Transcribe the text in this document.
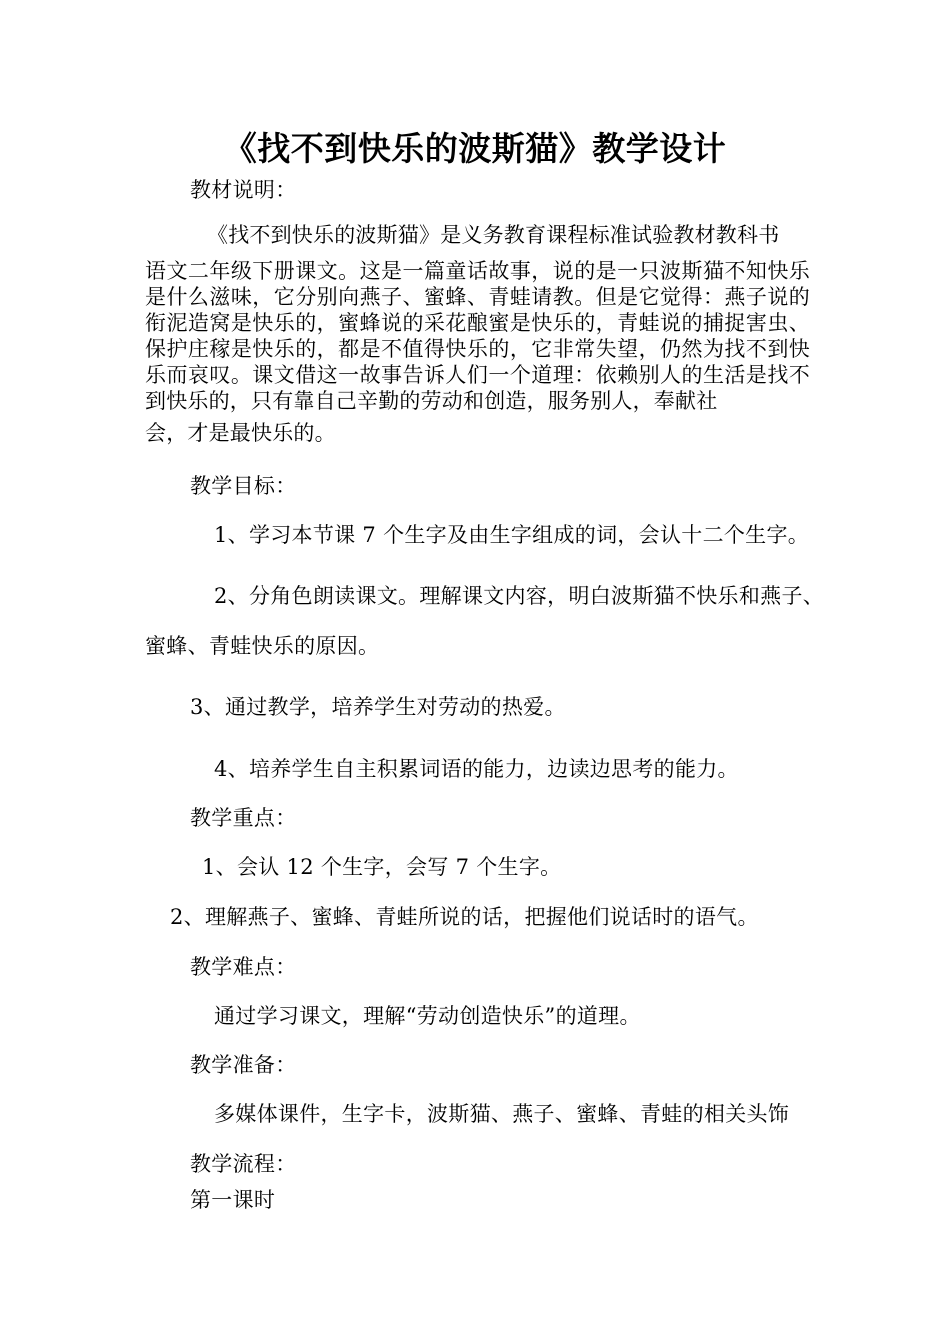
《找不到快乐的波斯猫》教学设计
教材说明：
《找不到快乐的波斯猫》是义务教育课程标准试验教材教科书
语文二年级下册课文。这是一篇童话故事，说的是一只波斯猫不知快乐是什么滋味，它分别向燕子、蜜蜂、青蛙请教。但是它觉得：燕子说的衔泥造窝是快乐的，蜜蜂说的采花酿蜜是快乐的，青蛙说的捕捉害虫、保护庄稼是快乐的，都是不值得快乐的，它非常失望，仍然为找不到快乐而哀叹。课文借这一故事告诉人们一个道理：依赖别人的生活是找不到快乐的，只有靠自己辛勤的劳动和创造，服务别人，奉献社
会，才是最快乐的。
教学目标：
1、学习本节课 7 个生字及由生字组成的词，会认十二个生字。
2、分角色朗读课文。理解课文内容，明白波斯猫不快乐和燕子、
蜜蜂、青蛙快乐的原因。
3、通过教学，培养学生对劳动的热爱。
4、培养学生自主积累词语的能力，边读边思考的能力。
教学重点：
1、会认 12 个生字，会写 7 个生字。
2、理解燕子、蜜蜂、青蛙所说的话，把握他们说话时的语气。
教学难点：
通过学习课文，理解“劳动创造快乐”的道理。
教学准备：
多媒体课件，生字卡，波斯猫、燕子、蜜蜂、青蛙的相关头饰
教学流程：
第一课时
